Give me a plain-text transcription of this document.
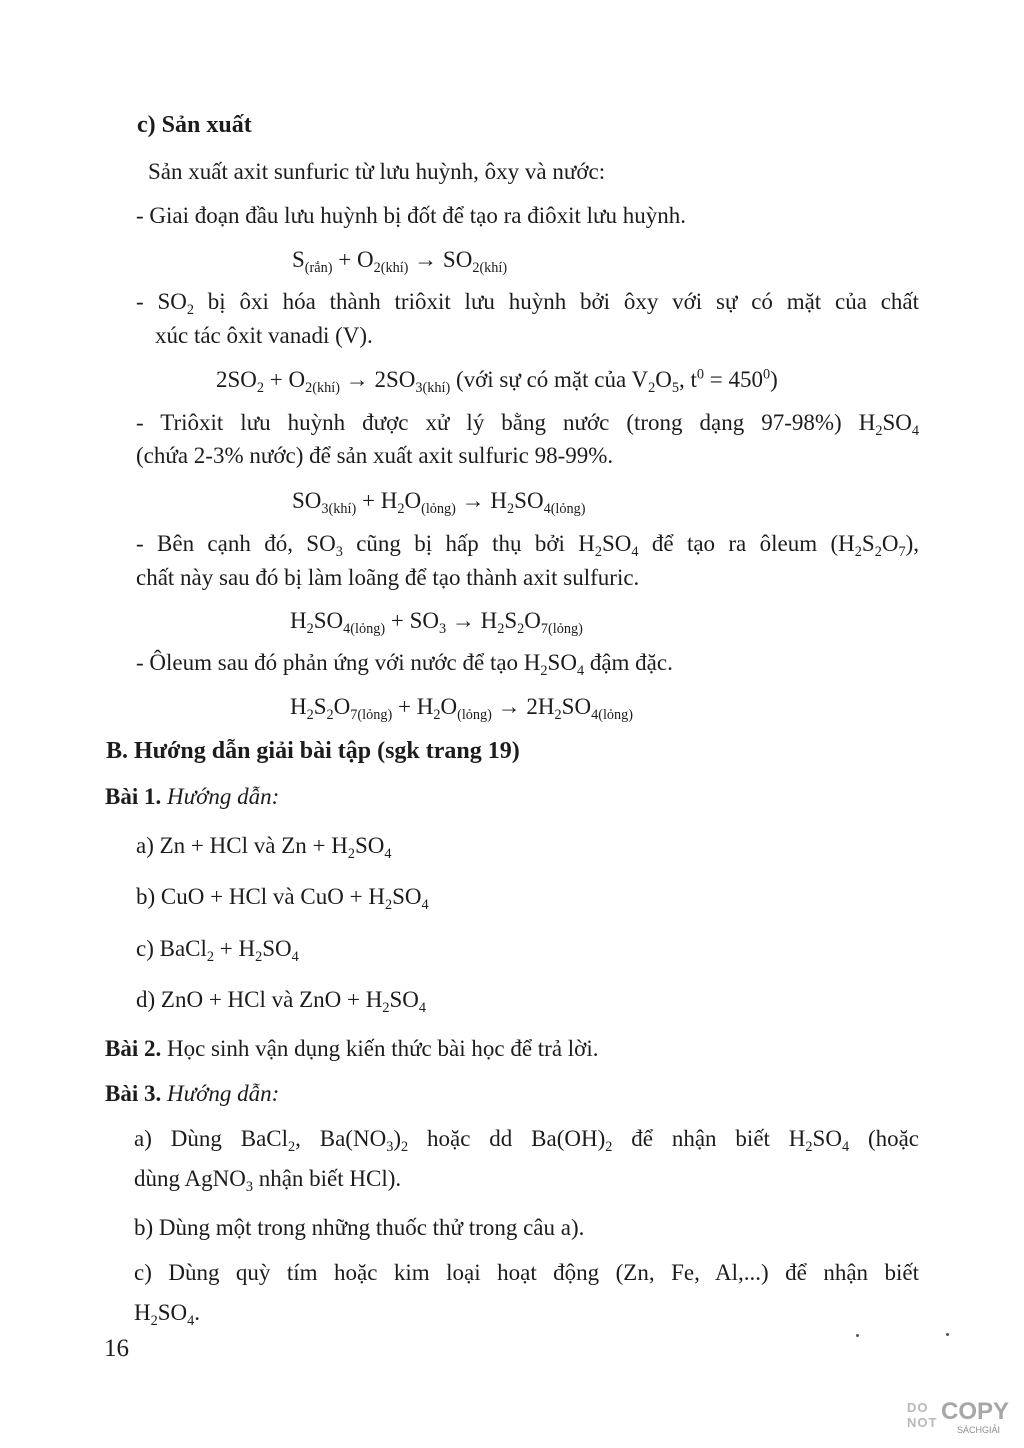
c) Sản xuất
Sản xuất axit sunfuric từ lưu huỳnh, ôxy và nước:
- Giai đoạn đầu lưu huỳnh bị đốt để tạo ra điôxit lưu huỳnh.
$S_{(rắn)} + O_{2(khí)} \to SO_{2(khí)}$
- $SO_2$ bị ôxi hóa thành triôxit lưu huỳnh bởi ôxy với sự có mặt của chất
xúc tác ôxit vanadi (V).
$2SO_2 + O_{2(khí)} \to 2SO_{3(khí)}$ (với sự có mặt của $V_2O_5$, $t^0 = 450^0$)
- Triôxit lưu huỳnh được xử lý bằng nước (trong dạng 97-98%) $H_2SO_4$
(chứa 2-3% nước) để sản xuất axit sulfuric 98-99%.
$SO_{3(khí)} + H_2O_{(lỏng)} \to H_2SO_{4(lỏng)}$
- Bên cạnh đó, $SO_3$ cũng bị hấp thụ bởi $H_2SO_4$ để tạo ra ôleum $(H_2S_2O_7)$,
chất này sau đó bị làm loãng để tạo thành axit sulfuric.
$H_2SO_{4(lỏng)} + SO_3 \to H_2S_2O_{7(lỏng)}$
- Ôleum sau đó phản ứng với nước để tạo $H_2SO_4$ đậm đặc.
$H_2S_2O_{7(lỏng)} + H_2O_{(lỏng)} \to 2H_2SO_{4(lỏng)}$
B. Hướng dẫn giải bài tập (sgk trang 19)
Bài 1. Hướng dẫn:
a) Zn + HCl và $Zn + H_2SO_4$
b) CuO + HCl và CuO + $H_2SO_4$
c) BaCl$_2$ + $H_2SO_4$
d) ZnO + HCl và ZnO + $H_2SO_4$
Bài 2. Học sinh vận dụng kiến thức bài học để trả lời.
Bài 3. Hướng dẫn:
a) Dùng BaCl$_2$, $Ba(NO_3)_2$ hoặc dd $Ba(OH)_2$ để nhận biết $H_2SO_4$ (hoặc
dùng AgNO$_3$ nhận biết HCl).
b) Dùng một trong những thuốc thử trong câu a).
c) Dùng quỳ tím hoặc kim loại hoạt động (Zn, Fe, Al,...) để nhận biết
$H_2SO_4$.
16
DO
NOT COPY
SÁCHGIẢI
